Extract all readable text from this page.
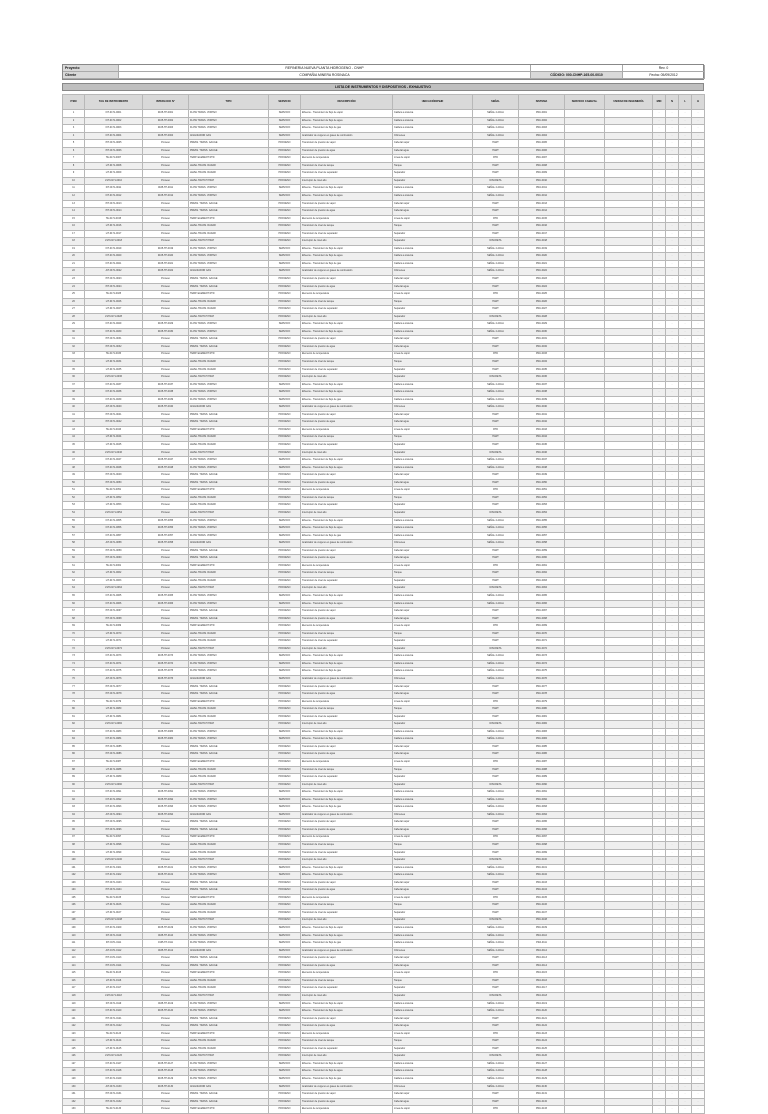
Proyecto	REFINERIA NUEVA PLANTA HIDROGENO - CNHP	Rev. 0
Cliente	COMPAÑIA MINERA ROSINACA	CÓDIGO: 000-CNHP-165-00-0010	Fecha: 05/09/2012
LISTA DE INSTRUMENTOS Y DISPOSITIVOS - EXHAUSTIVO
ITEM	TAG DE INSTRUMENTO	INTERLOCK N°	TIPO	SERVICIO	DESCRIPCIÓN	UBICACIÓN/P&ID	SEÑAL	SISTEMA	SERVICIO CABEZAL	UNIDAD DE INGENIERÍA	MIN	N	L	H
1	FIT-0171-0001	0165-TP-0001	FLOW TRANS. VORTEX	SERVICIO	Efluente - Transmisor de flujo de vapor	Caldera a sistema	SEÑAL 4-20mA	PRA-0001			-	-	-	-
2	FIT-0171-0002	0165-TP-0002	FLOW TRANS. VORTEX	SERVICIO	Efluente - Transmisor de flujo de agua	Caldera a sistema	SEÑAL 4-20mA	PRA-0002			-	-	-	-
3	FIT-0171-0003	0165-TP-0003	FLOW TRANS. VORTEX	SERVICIO	Efluente - Transmisor de flujo de gas	Caldera a sistema	SEÑAL 4-20mA	PRA-0003			-	-	-	-
4	FIT-0171-0004	0165-TP-0004	ANALIZADOR GAS	SERVICIO	Analizador de oxígeno en gases de combustión	Chimenea	SEÑAL 4-20mA	PRA-0004			-	-	-	-
5	PIT-0171-0005	Proceso	PRESS. TRANS. GAUGE	PROCESO	Transmisor de presión de vapor	Cabezal vapor	HART	PRA-0005			-	-	-	-
6	PIT-0171-0006	Proceso	PRESS. TRANS. GAUGE	PROCESO	Transmisor de presión de agua	Cabezal agua	HART	PRA-0006			-	-	-	-
7	TE-0171-0007	Proceso	TEMP. ELEMENT RTD	PROCESO	Elemento de temperatura	Línea de vapor	RTD	PRA-0007			-	-	-	-
8	LIT-0171-0008	Proceso	LEVEL TRANS. RADAR	PROCESO	Transmisor de nivel de tanque	Tanque	HART	PRA-0008			-	-	-	-
9	LIT-0171-0009	Proceso	LEVEL TRANS. RADAR	PROCESO	Transmisor de nivel de separador	Separador	HART	PRA-0009			-	-	-	-
10	LSH-0171-0010	Proceso	LEVEL SWITCH HIGH	PROCESO	Interruptor de nivel alto	Separador	DISCRETA	PRA-0010			-	-	-	-
11	FIT-0171-0011	0165-TP-0011	FLOW TRANS. VORTEX	SERVICIO	Efluente - Transmisor de flujo de vapor	Caldera a sistema	SEÑAL 4-20mA	PRA-0011			-	-	-	-
12	FIT-0171-0012	0165-TP-0012	FLOW TRANS. VORTEX	SERVICIO	Efluente - Transmisor de flujo de agua	Caldera a sistema	SEÑAL 4-20mA	PRA-0012			-	-	-	-
13	PIT-0171-0013	Proceso	PRESS. TRANS. GAUGE	PROCESO	Transmisor de presión de vapor	Cabezal vapor	HART	PRA-0013			-	-	-	-
14	PIT-0171-0014	Proceso	PRESS. TRANS. GAUGE	PROCESO	Transmisor de presión de agua	Cabezal agua	HART	PRA-0014			-	-	-	-
15	TE-0171-0015	Proceso	TEMP. ELEMENT RTD	PROCESO	Elemento de temperatura	Línea de vapor	RTD	PRA-0015			-	-	-	-
16	LIT-0171-0016	Proceso	LEVEL TRANS. RADAR	PROCESO	Transmisor de nivel de tanque	Tanque	HART	PRA-0016			-	-	-	-
17	LIT-0171-0017	Proceso	LEVEL TRANS. RADAR	PROCESO	Transmisor de nivel de separador	Separador	HART	PRA-0017			-	-	-	-
18	LSH-0171-0018	Proceso	LEVEL SWITCH HIGH	PROCESO	Interruptor de nivel alto	Separador	DISCRETA	PRA-0018			-	-	-	-
19	FIT-0171-0019	0165-TP-0019	FLOW TRANS. VORTEX	SERVICIO	Efluente - Transmisor de flujo de vapor	Caldera a sistema	SEÑAL 4-20mA	PRA-0019			-	-	-	-
20	FIT-0171-0020	0165-TP-0020	FLOW TRANS. VORTEX	SERVICIO	Efluente - Transmisor de flujo de agua	Caldera a sistema	SEÑAL 4-20mA	PRA-0020			-	-	-	-
21	FIT-0171-0021	0165-TP-0021	FLOW TRANS. VORTEX	SERVICIO	Efluente - Transmisor de flujo de gas	Caldera a sistema	SEÑAL 4-20mA	PRA-0021			-	-	-	-
22	AIT-0171-0022	0165-TP-0022	ANALIZADOR GAS	SERVICIO	Analizador de oxígeno en gases de combustión	Chimenea	SEÑAL 4-20mA	PRA-0022			-	-	-	-
23	PIT-0171-0023	Proceso	PRESS. TRANS. GAUGE	PROCESO	Transmisor de presión de vapor	Cabezal vapor	HART	PRA-0023			-	-	-	-
24	PIT-0171-0024	Proceso	PRESS. TRANS. GAUGE	PROCESO	Transmisor de presión de agua	Cabezal agua	HART	PRA-0024			-	-	-	-
25	TE-0171-0025	Proceso	TEMP. ELEMENT RTD	PROCESO	Elemento de temperatura	Línea de vapor	RTD	PRA-0025			-	-	-	-
26	LIT-0171-0026	Proceso	LEVEL TRANS. RADAR	PROCESO	Transmisor de nivel de tanque	Tanque	HART	PRA-0026			-	-	-	-
27	LIT-0171-0027	Proceso	LEVEL TRANS. RADAR	PROCESO	Transmisor de nivel de separador	Separador	HART	PRA-0027			-	-	-	-
28	LSH-0171-0028	Proceso	LEVEL SWITCH HIGH	PROCESO	Interruptor de nivel alto	Separador	DISCRETA	PRA-0028			-	-	-	-
29	FIT-0171-0029	0165-TP-0029	FLOW TRANS. VORTEX	SERVICIO	Efluente - Transmisor de flujo de vapor	Caldera a sistema	SEÑAL 4-20mA	PRA-0029			-	-	-	-
30	FIT-0171-0030	0165-TP-0030	FLOW TRANS. VORTEX	SERVICIO	Efluente - Transmisor de flujo de agua	Caldera a sistema	SEÑAL 4-20mA	PRA-0030			-	-	-	-
31	PIT-0171-0031	Proceso	PRESS. TRANS. GAUGE	PROCESO	Transmisor de presión de vapor	Cabezal vapor	HART	PRA-0031			-	-	-	-
32	PIT-0171-0032	Proceso	PRESS. TRANS. GAUGE	PROCESO	Transmisor de presión de agua	Cabezal agua	HART	PRA-0032			-	-	-	-
33	TE-0171-0033	Proceso	TEMP. ELEMENT RTD	PROCESO	Elemento de temperatura	Línea de vapor	RTD	PRA-0033			-	-	-	-
34	LIT-0171-0034	Proceso	LEVEL TRANS. RADAR	PROCESO	Transmisor de nivel de tanque	Tanque	HART	PRA-0034			-	-	-	-
35	LIT-0171-0035	Proceso	LEVEL TRANS. RADAR	PROCESO	Transmisor de nivel de separador	Separador	HART	PRA-0035			-	-	-	-
36	LSH-0171-0036	Proceso	LEVEL SWITCH HIGH	PROCESO	Interruptor de nivel alto	Separador	DISCRETA	PRA-0036			-	-	-	-
37	FIT-0171-0037	0165-TP-0037	FLOW TRANS. VORTEX	SERVICIO	Efluente - Transmisor de flujo de vapor	Caldera a sistema	SEÑAL 4-20mA	PRA-0037			-	-	-	-
38	FIT-0171-0038	0165-TP-0038	FLOW TRANS. VORTEX	SERVICIO	Efluente - Transmisor de flujo de agua	Caldera a sistema	SEÑAL 4-20mA	PRA-0038			-	-	-	-
39	FIT-0171-0039	0165-TP-0039	FLOW TRANS. VORTEX	SERVICIO	Efluente - Transmisor de flujo de gas	Caldera a sistema	SEÑAL 4-20mA	PRA-0039			-	-	-	-
40	AIT-0171-0040	0165-TP-0040	ANALIZADOR GAS	SERVICIO	Analizador de oxígeno en gases de combustión	Chimenea	SEÑAL 4-20mA	PRA-0040			-	-	-	-
41	PIT-0171-0041	Proceso	PRESS. TRANS. GAUGE	PROCESO	Transmisor de presión de vapor	Cabezal vapor	HART	PRA-0041			-	-	-	-
42	PIT-0171-0042	Proceso	PRESS. TRANS. GAUGE	PROCESO	Transmisor de presión de agua	Cabezal agua	HART	PRA-0042			-	-	-	-
43	TE-0171-0043	Proceso	TEMP. ELEMENT RTD	PROCESO	Elemento de temperatura	Línea de vapor	RTD	PRA-0043			-	-	-	-
44	LIT-0171-0044	Proceso	LEVEL TRANS. RADAR	PROCESO	Transmisor de nivel de tanque	Tanque	HART	PRA-0044			-	-	-	-
45	LIT-0171-0045	Proceso	LEVEL TRANS. RADAR	PROCESO	Transmisor de nivel de separador	Separador	HART	PRA-0045			-	-	-	-
46	LSH-0171-0046	Proceso	LEVEL SWITCH HIGH	PROCESO	Interruptor de nivel alto	Separador	DISCRETA	PRA-0046			-	-	-	-
47	FIT-0171-0047	0165-TP-0047	FLOW TRANS. VORTEX	SERVICIO	Efluente - Transmisor de flujo de vapor	Caldera a sistema	SEÑAL 4-20mA	PRA-0047			-	-	-	-
48	FIT-0171-0048	0165-TP-0048	FLOW TRANS. VORTEX	SERVICIO	Efluente - Transmisor de flujo de agua	Caldera a sistema	SEÑAL 4-20mA	PRA-0048			-	-	-	-
49	PIT-0171-0049	Proceso	PRESS. TRANS. GAUGE	PROCESO	Transmisor de presión de vapor	Cabezal vapor	HART	PRA-0049			-	-	-	-
50	PIT-0171-0050	Proceso	PRESS. TRANS. GAUGE	PROCESO	Transmisor de presión de agua	Cabezal agua	HART	PRA-0050			-	-	-	-
51	TE-0171-0051	Proceso	TEMP. ELEMENT RTD	PROCESO	Elemento de temperatura	Línea de vapor	RTD	PRA-0051			-	-	-	-
52	LIT-0171-0052	Proceso	LEVEL TRANS. RADAR	PROCESO	Transmisor de nivel de tanque	Tanque	HART	PRA-0052			-	-	-	-
53	LIT-0171-0053	Proceso	LEVEL TRANS. RADAR	PROCESO	Transmisor de nivel de separador	Separador	HART	PRA-0053			-	-	-	-
54	LSH-0171-0054	Proceso	LEVEL SWITCH HIGH	PROCESO	Interruptor de nivel alto	Separador	DISCRETA	PRA-0054			-	-	-	-
55	FIT-0171-0055	0165-TP-0055	FLOW TRANS. VORTEX	SERVICIO	Efluente - Transmisor de flujo de vapor	Caldera a sistema	SEÑAL 4-20mA	PRA-0055			-	-	-	-
56	FIT-0171-0056	0165-TP-0056	FLOW TRANS. VORTEX	SERVICIO	Efluente - Transmisor de flujo de agua	Caldera a sistema	SEÑAL 4-20mA	PRA-0056			-	-	-	-
57	FIT-0171-0057	0165-TP-0057	FLOW TRANS. VORTEX	SERVICIO	Efluente - Transmisor de flujo de gas	Caldera a sistema	SEÑAL 4-20mA	PRA-0057			-	-	-	-
58	AIT-0171-0058	0165-TP-0058	ANALIZADOR GAS	SERVICIO	Analizador de oxígeno en gases de combustión	Chimenea	SEÑAL 4-20mA	PRA-0058			-	-	-	-
59	PIT-0171-0059	Proceso	PRESS. TRANS. GAUGE	PROCESO	Transmisor de presión de vapor	Cabezal vapor	HART	PRA-0059			-	-	-	-
60	PIT-0171-0060	Proceso	PRESS. TRANS. GAUGE	PROCESO	Transmisor de presión de agua	Cabezal agua	HART	PRA-0060			-	-	-	-
61	TE-0171-0061	Proceso	TEMP. ELEMENT RTD	PROCESO	Elemento de temperatura	Línea de vapor	RTD	PRA-0061			-	-	-	-
62	LIT-0171-0062	Proceso	LEVEL TRANS. RADAR	PROCESO	Transmisor de nivel de tanque	Tanque	HART	PRA-0062			-	-	-	-
63	LIT-0171-0063	Proceso	LEVEL TRANS. RADAR	PROCESO	Transmisor de nivel de separador	Separador	HART	PRA-0063			-	-	-	-
64	LSH-0171-0064	Proceso	LEVEL SWITCH HIGH	PROCESO	Interruptor de nivel alto	Separador	DISCRETA	PRA-0064			-	-	-	-
65	FIT-0171-0065	0165-TP-0065	FLOW TRANS. VORTEX	SERVICIO	Efluente - Transmisor de flujo de vapor	Caldera a sistema	SEÑAL 4-20mA	PRA-0065			-	-	-	-
66	FIT-0171-0066	0165-TP-0066	FLOW TRANS. VORTEX	SERVICIO	Efluente - Transmisor de flujo de agua	Caldera a sistema	SEÑAL 4-20mA	PRA-0066			-	-	-	-
67	PIT-0171-0067	Proceso	PRESS. TRANS. GAUGE	PROCESO	Transmisor de presión de vapor	Cabezal vapor	HART	PRA-0067			-	-	-	-
68	PIT-0171-0068	Proceso	PRESS. TRANS. GAUGE	PROCESO	Transmisor de presión de agua	Cabezal agua	HART	PRA-0068			-	-	-	-
69	TE-0171-0069	Proceso	TEMP. ELEMENT RTD	PROCESO	Elemento de temperatura	Línea de vapor	RTD	PRA-0069			-	-	-	-
70	LIT-0171-0070	Proceso	LEVEL TRANS. RADAR	PROCESO	Transmisor de nivel de tanque	Tanque	HART	PRA-0070			-	-	-	-
71	LIT-0171-0071	Proceso	LEVEL TRANS. RADAR	PROCESO	Transmisor de nivel de separador	Separador	HART	PRA-0071			-	-	-	-
72	LSH-0171-0072	Proceso	LEVEL SWITCH HIGH	PROCESO	Interruptor de nivel alto	Separador	DISCRETA	PRA-0072			-	-	-	-
73	FIT-0171-0073	0165-TP-0073	FLOW TRANS. VORTEX	SERVICIO	Efluente - Transmisor de flujo de vapor	Caldera a sistema	SEÑAL 4-20mA	PRA-0073			-	-	-	-
74	FIT-0171-0074	0165-TP-0074	FLOW TRANS. VORTEX	SERVICIO	Efluente - Transmisor de flujo de agua	Caldera a sistema	SEÑAL 4-20mA	PRA-0074			-	-	-	-
75	FIT-0171-0075	0165-TP-0075	FLOW TRANS. VORTEX	SERVICIO	Efluente - Transmisor de flujo de gas	Caldera a sistema	SEÑAL 4-20mA	PRA-0075			-	-	-	-
76	AIT-0171-0076	0165-TP-0076	ANALIZADOR GAS	SERVICIO	Analizador de oxígeno en gases de combustión	Chimenea	SEÑAL 4-20mA	PRA-0076			-	-	-	-
77	PIT-0171-0077	Proceso	PRESS. TRANS. GAUGE	PROCESO	Transmisor de presión de vapor	Cabezal vapor	HART	PRA-0077			-	-	-	-
78	PIT-0171-0078	Proceso	PRESS. TRANS. GAUGE	PROCESO	Transmisor de presión de agua	Cabezal agua	HART	PRA-0078			-	-	-	-
79	TE-0171-0079	Proceso	TEMP. ELEMENT RTD	PROCESO	Elemento de temperatura	Línea de vapor	RTD	PRA-0079			-	-	-	-
80	LIT-0171-0080	Proceso	LEVEL TRANS. RADAR	PROCESO	Transmisor de nivel de tanque	Tanque	HART	PRA-0080			-	-	-	-
81	LIT-0171-0081	Proceso	LEVEL TRANS. RADAR	PROCESO	Transmisor de nivel de separador	Separador	HART	PRA-0081			-	-	-	-
82	LSH-0171-0082	Proceso	LEVEL SWITCH HIGH	PROCESO	Interruptor de nivel alto	Separador	DISCRETA	PRA-0082			-	-	-	-
83	FIT-0171-0083	0165-TP-0083	FLOW TRANS. VORTEX	SERVICIO	Efluente - Transmisor de flujo de vapor	Caldera a sistema	SEÑAL 4-20mA	PRA-0083			-	-	-	-
84	FIT-0171-0084	0165-TP-0084	FLOW TRANS. VORTEX	SERVICIO	Efluente - Transmisor de flujo de agua	Caldera a sistema	SEÑAL 4-20mA	PRA-0084			-	-	-	-
85	PIT-0171-0085	Proceso	PRESS. TRANS. GAUGE	PROCESO	Transmisor de presión de vapor	Cabezal vapor	HART	PRA-0085			-	-	-	-
86	PIT-0171-0086	Proceso	PRESS. TRANS. GAUGE	PROCESO	Transmisor de presión de agua	Cabezal agua	HART	PRA-0086			-	-	-	-
87	TE-0171-0087	Proceso	TEMP. ELEMENT RTD	PROCESO	Elemento de temperatura	Línea de vapor	RTD	PRA-0087			-	-	-	-
88	LIT-0171-0088	Proceso	LEVEL TRANS. RADAR	PROCESO	Transmisor de nivel de tanque	Tanque	HART	PRA-0088			-	-	-	-
89	LIT-0171-0089	Proceso	LEVEL TRANS. RADAR	PROCESO	Transmisor de nivel de separador	Separador	HART	PRA-0089			-	-	-	-
90	LSH-0171-0090	Proceso	LEVEL SWITCH HIGH	PROCESO	Interruptor de nivel alto	Separador	DISCRETA	PRA-0090			-	-	-	-
91	FIT-0171-0091	0165-TP-0091	FLOW TRANS. VORTEX	SERVICIO	Efluente - Transmisor de flujo de vapor	Caldera a sistema	SEÑAL 4-20mA	PRA-0091			-	-	-	-
92	FIT-0171-0092	0165-TP-0092	FLOW TRANS. VORTEX	SERVICIO	Efluente - Transmisor de flujo de agua	Caldera a sistema	SEÑAL 4-20mA	PRA-0092			-	-	-	-
93	FIT-0171-0093	0165-TP-0093	FLOW TRANS. VORTEX	SERVICIO	Efluente - Transmisor de flujo de gas	Caldera a sistema	SEÑAL 4-20mA	PRA-0093			-	-	-	-
94	AIT-0171-0094	0165-TP-0094	ANALIZADOR GAS	SERVICIO	Analizador de oxígeno en gases de combustión	Chimenea	SEÑAL 4-20mA	PRA-0094			-	-	-	-
95	PIT-0171-0095	Proceso	PRESS. TRANS. GAUGE	PROCESO	Transmisor de presión de vapor	Cabezal vapor	HART	PRA-0095			-	-	-	-
96	PIT-0171-0096	Proceso	PRESS. TRANS. GAUGE	PROCESO	Transmisor de presión de agua	Cabezal agua	HART	PRA-0096			-	-	-	-
97	TE-0171-0097	Proceso	TEMP. ELEMENT RTD	PROCESO	Elemento de temperatura	Línea de vapor	RTD	PRA-0097			-	-	-	-
98	LIT-0171-0098	Proceso	LEVEL TRANS. RADAR	PROCESO	Transmisor de nivel de tanque	Tanque	HART	PRA-0098			-	-	-	-
99	LIT-0171-0099	Proceso	LEVEL TRANS. RADAR	PROCESO	Transmisor de nivel de separador	Separador	HART	PRA-0099			-	-	-	-
100	LSH-0171-0100	Proceso	LEVEL SWITCH HIGH	PROCESO	Interruptor de nivel alto	Separador	DISCRETA	PRA-0100			-	-	-	-
101	FIT-0171-0101	0165-TP-0101	FLOW TRANS. VORTEX	SERVICIO	Efluente - Transmisor de flujo de vapor	Caldera a sistema	SEÑAL 4-20mA	PRA-0101			-	-	-	-
102	FIT-0171-0102	0165-TP-0102	FLOW TRANS. VORTEX	SERVICIO	Efluente - Transmisor de flujo de agua	Caldera a sistema	SEÑAL 4-20mA	PRA-0102			-	-	-	-
103	PIT-0171-0103	Proceso	PRESS. TRANS. GAUGE	PROCESO	Transmisor de presión de vapor	Cabezal vapor	HART	PRA-0103			-	-	-	-
104	PIT-0171-0104	Proceso	PRESS. TRANS. GAUGE	PROCESO	Transmisor de presión de agua	Cabezal agua	HART	PRA-0104			-	-	-	-
105	TE-0171-0105	Proceso	TEMP. ELEMENT RTD	PROCESO	Elemento de temperatura	Línea de vapor	RTD	PRA-0105			-	-	-	-
106	LIT-0171-0106	Proceso	LEVEL TRANS. RADAR	PROCESO	Transmisor de nivel de tanque	Tanque	HART	PRA-0106			-	-	-	-
107	LIT-0171-0107	Proceso	LEVEL TRANS. RADAR	PROCESO	Transmisor de nivel de separador	Separador	HART	PRA-0107			-	-	-	-
108	LSH-0171-0108	Proceso	LEVEL SWITCH HIGH	PROCESO	Interruptor de nivel alto	Separador	DISCRETA	PRA-0108			-	-	-	-
109	FIT-0171-0109	0165-TP-0109	FLOW TRANS. VORTEX	SERVICIO	Efluente - Transmisor de flujo de vapor	Caldera a sistema	SEÑAL 4-20mA	PRA-0109			-	-	-	-
110	FIT-0171-0110	0165-TP-0110	FLOW TRANS. VORTEX	SERVICIO	Efluente - Transmisor de flujo de agua	Caldera a sistema	SEÑAL 4-20mA	PRA-0110			-	-	-	-
111	FIT-0171-0111	0165-TP-0111	FLOW TRANS. VORTEX	SERVICIO	Efluente - Transmisor de flujo de gas	Caldera a sistema	SEÑAL 4-20mA	PRA-0111			-	-	-	-
112	AIT-0171-0112	0165-TP-0112	ANALIZADOR GAS	SERVICIO	Analizador de oxígeno en gases de combustión	Chimenea	SEÑAL 4-20mA	PRA-0112			-	-	-	-
113	PIT-0171-0113	Proceso	PRESS. TRANS. GAUGE	PROCESO	Transmisor de presión de vapor	Cabezal vapor	HART	PRA-0113			-	-	-	-
114	PIT-0171-0114	Proceso	PRESS. TRANS. GAUGE	PROCESO	Transmisor de presión de agua	Cabezal agua	HART	PRA-0114			-	-	-	-
115	TE-0171-0115	Proceso	TEMP. ELEMENT RTD	PROCESO	Elemento de temperatura	Línea de vapor	RTD	PRA-0115			-	-	-	-
116	LIT-0171-0116	Proceso	LEVEL TRANS. RADAR	PROCESO	Transmisor de nivel de tanque	Tanque	HART	PRA-0116			-	-	-	-
117	LIT-0171-0117	Proceso	LEVEL TRANS. RADAR	PROCESO	Transmisor de nivel de separador	Separador	HART	PRA-0117			-	-	-	-
118	LSH-0171-0118	Proceso	LEVEL SWITCH HIGH	PROCESO	Interruptor de nivel alto	Separador	DISCRETA	PRA-0118			-	-	-	-
119	FIT-0171-0119	0165-TP-0119	FLOW TRANS. VORTEX	SERVICIO	Efluente - Transmisor de flujo de vapor	Caldera a sistema	SEÑAL 4-20mA	PRA-0119			-	-	-	-
120	FIT-0171-0120	0165-TP-0120	FLOW TRANS. VORTEX	SERVICIO	Efluente - Transmisor de flujo de agua	Caldera a sistema	SEÑAL 4-20mA	PRA-0120			-	-	-	-
121	PIT-0171-0121	Proceso	PRESS. TRANS. GAUGE	PROCESO	Transmisor de presión de vapor	Cabezal vapor	HART	PRA-0121			-	-	-	-
122	PIT-0171-0122	Proceso	PRESS. TRANS. GAUGE	PROCESO	Transmisor de presión de agua	Cabezal agua	HART	PRA-0122			-	-	-	-
123	TE-0171-0123	Proceso	TEMP. ELEMENT RTD	PROCESO	Elemento de temperatura	Línea de vapor	RTD	PRA-0123			-	-	-	-
124	LIT-0171-0124	Proceso	LEVEL TRANS. RADAR	PROCESO	Transmisor de nivel de tanque	Tanque	HART	PRA-0124			-	-	-	-
125	LIT-0171-0125	Proceso	LEVEL TRANS. RADAR	PROCESO	Transmisor de nivel de separador	Separador	HART	PRA-0125			-	-	-	-
126	LSH-0171-0126	Proceso	LEVEL SWITCH HIGH	PROCESO	Interruptor de nivel alto	Separador	DISCRETA	PRA-0126			-	-	-	-
127	FIT-0171-0127	0165-TP-0127	FLOW TRANS. VORTEX	SERVICIO	Efluente - Transmisor de flujo de vapor	Caldera a sistema	SEÑAL 4-20mA	PRA-0127			-	-	-	-
128	FIT-0171-0128	0165-TP-0128	FLOW TRANS. VORTEX	SERVICIO	Efluente - Transmisor de flujo de agua	Caldera a sistema	SEÑAL 4-20mA	PRA-0128			-	-	-	-
129	FIT-0171-0129	0165-TP-0129	FLOW TRANS. VORTEX	SERVICIO	Efluente - Transmisor de flujo de gas	Caldera a sistema	SEÑAL 4-20mA	PRA-0129			-	-	-	-
130	AIT-0171-0130	0165-TP-0130	ANALIZADOR GAS	SERVICIO	Analizador de oxígeno en gases de combustión	Chimenea	SEÑAL 4-20mA	PRA-0130			-	-	-	-
131	PIT-0171-0131	Proceso	PRESS. TRANS. GAUGE	PROCESO	Transmisor de presión de vapor	Cabezal vapor	HART	PRA-0131			-	-	-	-
132	PIT-0171-0132	Proceso	PRESS. TRANS. GAUGE	PROCESO	Transmisor de presión de agua	Cabezal agua	HART	PRA-0132			-	-	-	-
133	TE-0171-0133	Proceso	TEMP. ELEMENT RTD	PROCESO	Elemento de temperatura	Línea de vapor	RTD	PRA-0133			-	-	-	-
